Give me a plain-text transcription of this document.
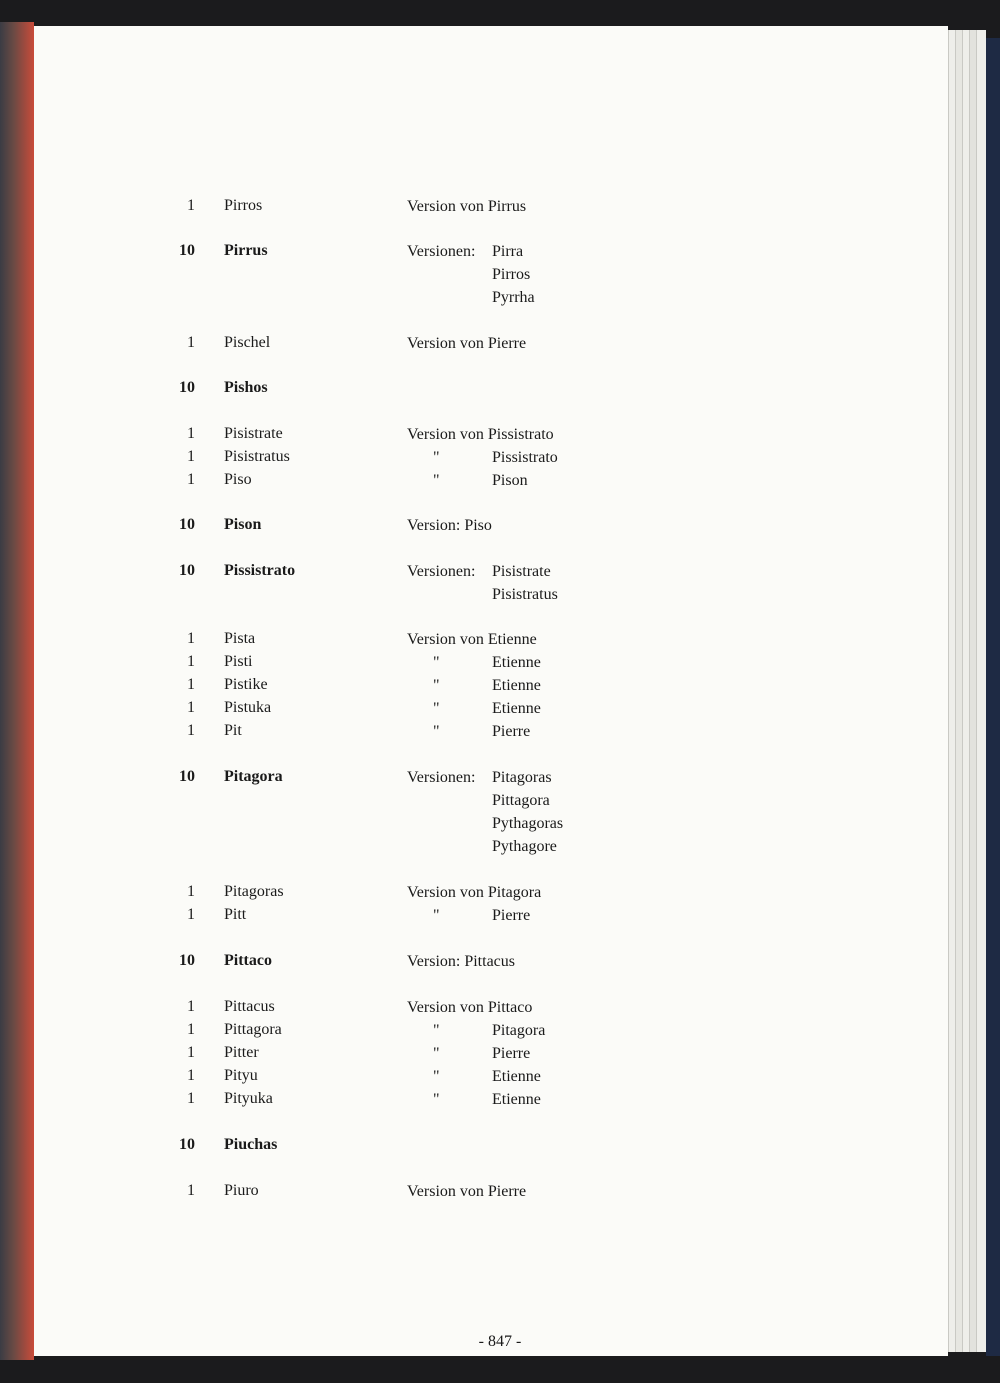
1 Pirros	Version von Pirrus
10 Pirrus	Versionen: Pirra
Pirros
Pyrrha
1 Pischel	Version von Pierre
10 Pishos
1 Pisistrate	Version von Pissistrato
1 Pisistratus	"	Pissistrato
1 Piso	"	Pison
10 Pison	Version: Piso
10 Pissistrato	Versionen: Pisistrate
Pisistratus
1 Pista	Version von Etienne
1 Pisti	"	Etienne
1 Pistike	"	Etienne
1 Pistuka	"	Etienne
1 Pit	"	Pierre
10 Pitagora	Versionen: Pitagoras
Pittagora
Pythagoras
Pythagore
1 Pitagoras	Version von Pitagora
1 Pitt	"	Pierre
10 Pittaco	Version: Pittacus
1 Pittacus	Version von Pittaco
1 Pittagora	"	Pitagora
1 Pitter	"	Pierre
1 Pityu	"	Etienne
1 Pityuka	"	Etienne
10 Piuchas
1 Piuro	Version von Pierre
- 847 -
